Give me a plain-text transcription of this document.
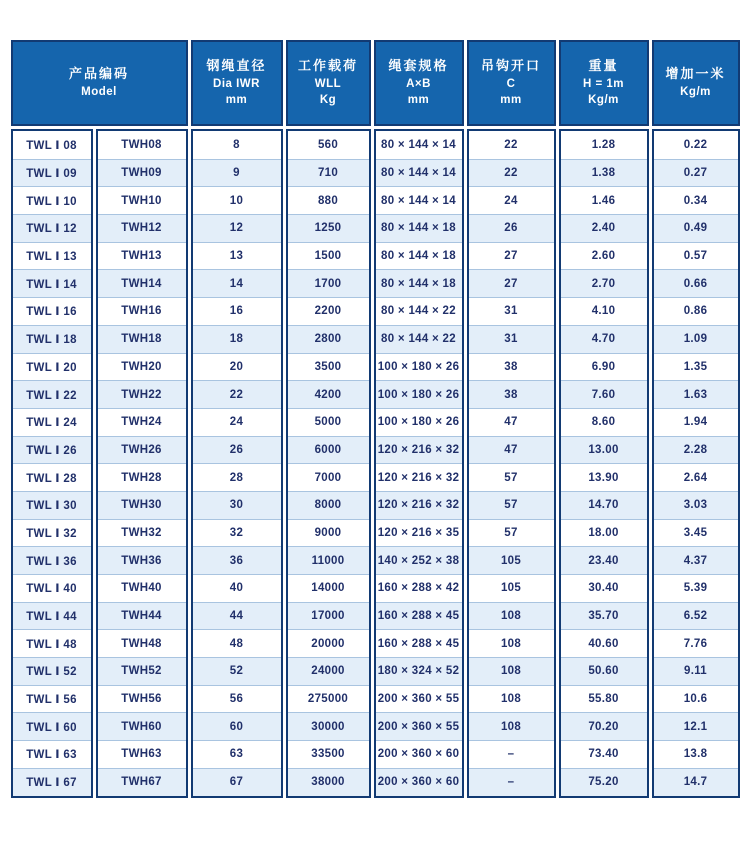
产品编码
Model
钢绳直径
Dia IWR
mm
工作载荷
WLL
Kg
绳套规格
A×B
mm
吊钩开口
C
mm
重量
H = 1m
Kg/m
增加一米
Kg/m
TWL Ⅰ 08
TWL Ⅰ 09
TWL Ⅰ 10
TWL Ⅰ 12
TWL Ⅰ 13
TWL Ⅰ 14
TWL Ⅰ 16
TWL Ⅰ 18
TWL Ⅰ 20
TWL Ⅰ 22
TWL Ⅰ 24
TWL Ⅰ 26
TWL Ⅰ 28
TWL Ⅰ 30
TWL Ⅰ 32
TWL Ⅰ 36
TWL Ⅰ 40
TWL Ⅰ 44
TWL Ⅰ 48
TWL Ⅰ 52
TWL Ⅰ 56
TWL Ⅰ 60
TWL Ⅰ 63
TWL Ⅰ 67
TWH08
TWH09
TWH10
TWH12
TWH13
TWH14
TWH16
TWH18
TWH20
TWH22
TWH24
TWH26
TWH28
TWH30
TWH32
TWH36
TWH40
TWH44
TWH48
TWH52
TWH56
TWH60
TWH63
TWH67
8
9
10
12
13
14
16
18
20
22
24
26
28
30
32
36
40
44
48
52
56
60
63
67
560
710
880
1250
1500
1700
2200
2800
3500
4200
5000
6000
7000
8000
9000
11000
14000
17000
20000
24000
275000
30000
33500
38000
80 × 144 × 14
80 × 144 × 14
80 × 144 × 14
80 × 144 × 18
80 × 144 × 18
80 × 144 × 18
80 × 144 × 22
80 × 144 × 22
100 × 180 × 26
100 × 180 × 26
100 × 180 × 26
120 × 216 × 32
120 × 216 × 32
120 × 216 × 32
120 × 216 × 35
140 × 252 × 38
160 × 288 × 42
160 × 288 × 45
160 × 288 × 45
180 × 324 × 52
200 × 360 × 55
200 × 360 × 55
200 × 360 × 60
200 × 360 × 60
22
22
24
26
27
27
31
31
38
38
47
47
57
57
57
105
105
108
108
108
108
108
–
–
1.28
1.38
1.46
2.40
2.60
2.70
4.10
4.70
6.90
7.60
8.60
13.00
13.90
14.70
18.00
23.40
30.40
35.70
40.60
50.60
55.80
70.20
73.40
75.20
0.22
0.27
0.34
0.49
0.57
0.66
0.86
1.09
1.35
1.63
1.94
2.28
2.64
3.03
3.45
4.37
5.39
6.52
7.76
9.11
10.6
12.1
13.8
14.7
